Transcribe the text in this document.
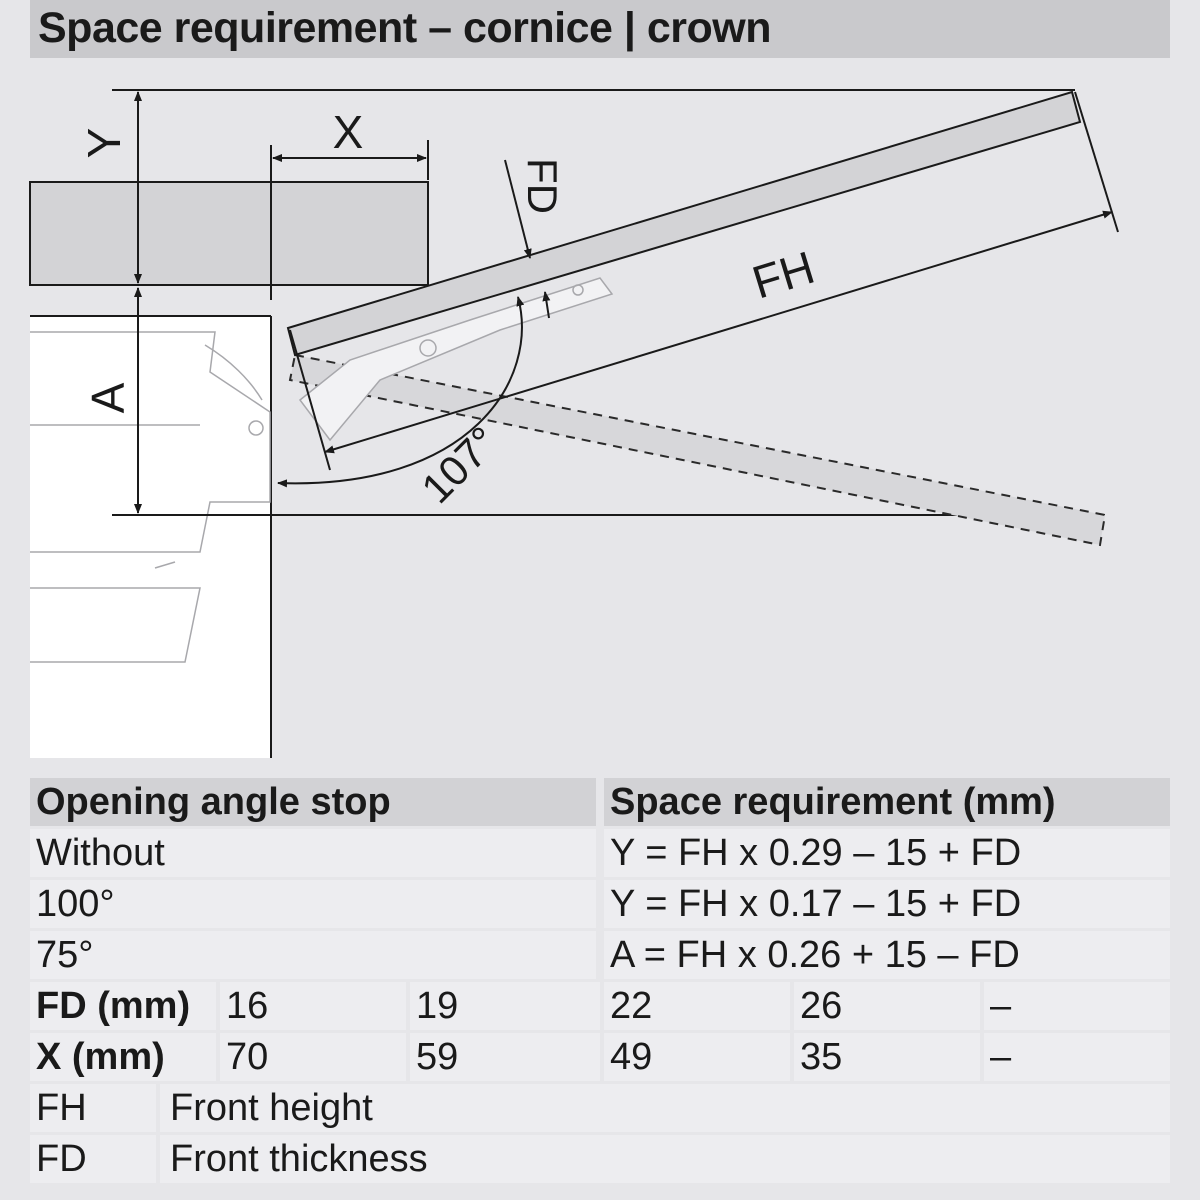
Space requirement – cornice | crown
Y	X
FD
FH
A
107°
Opening angle stop	Space requirement (mm)
Without	Y = FH x 0.29 – 15 + FD
100°	Y = FH x 0.17 – 15 + FD
75°	A = FH x 0.26 + 15 – FD
FD (mm) 16	19	22	26	–
X (mm)	70	59	49	35	–
FH	Front height
FD	Front thickness
